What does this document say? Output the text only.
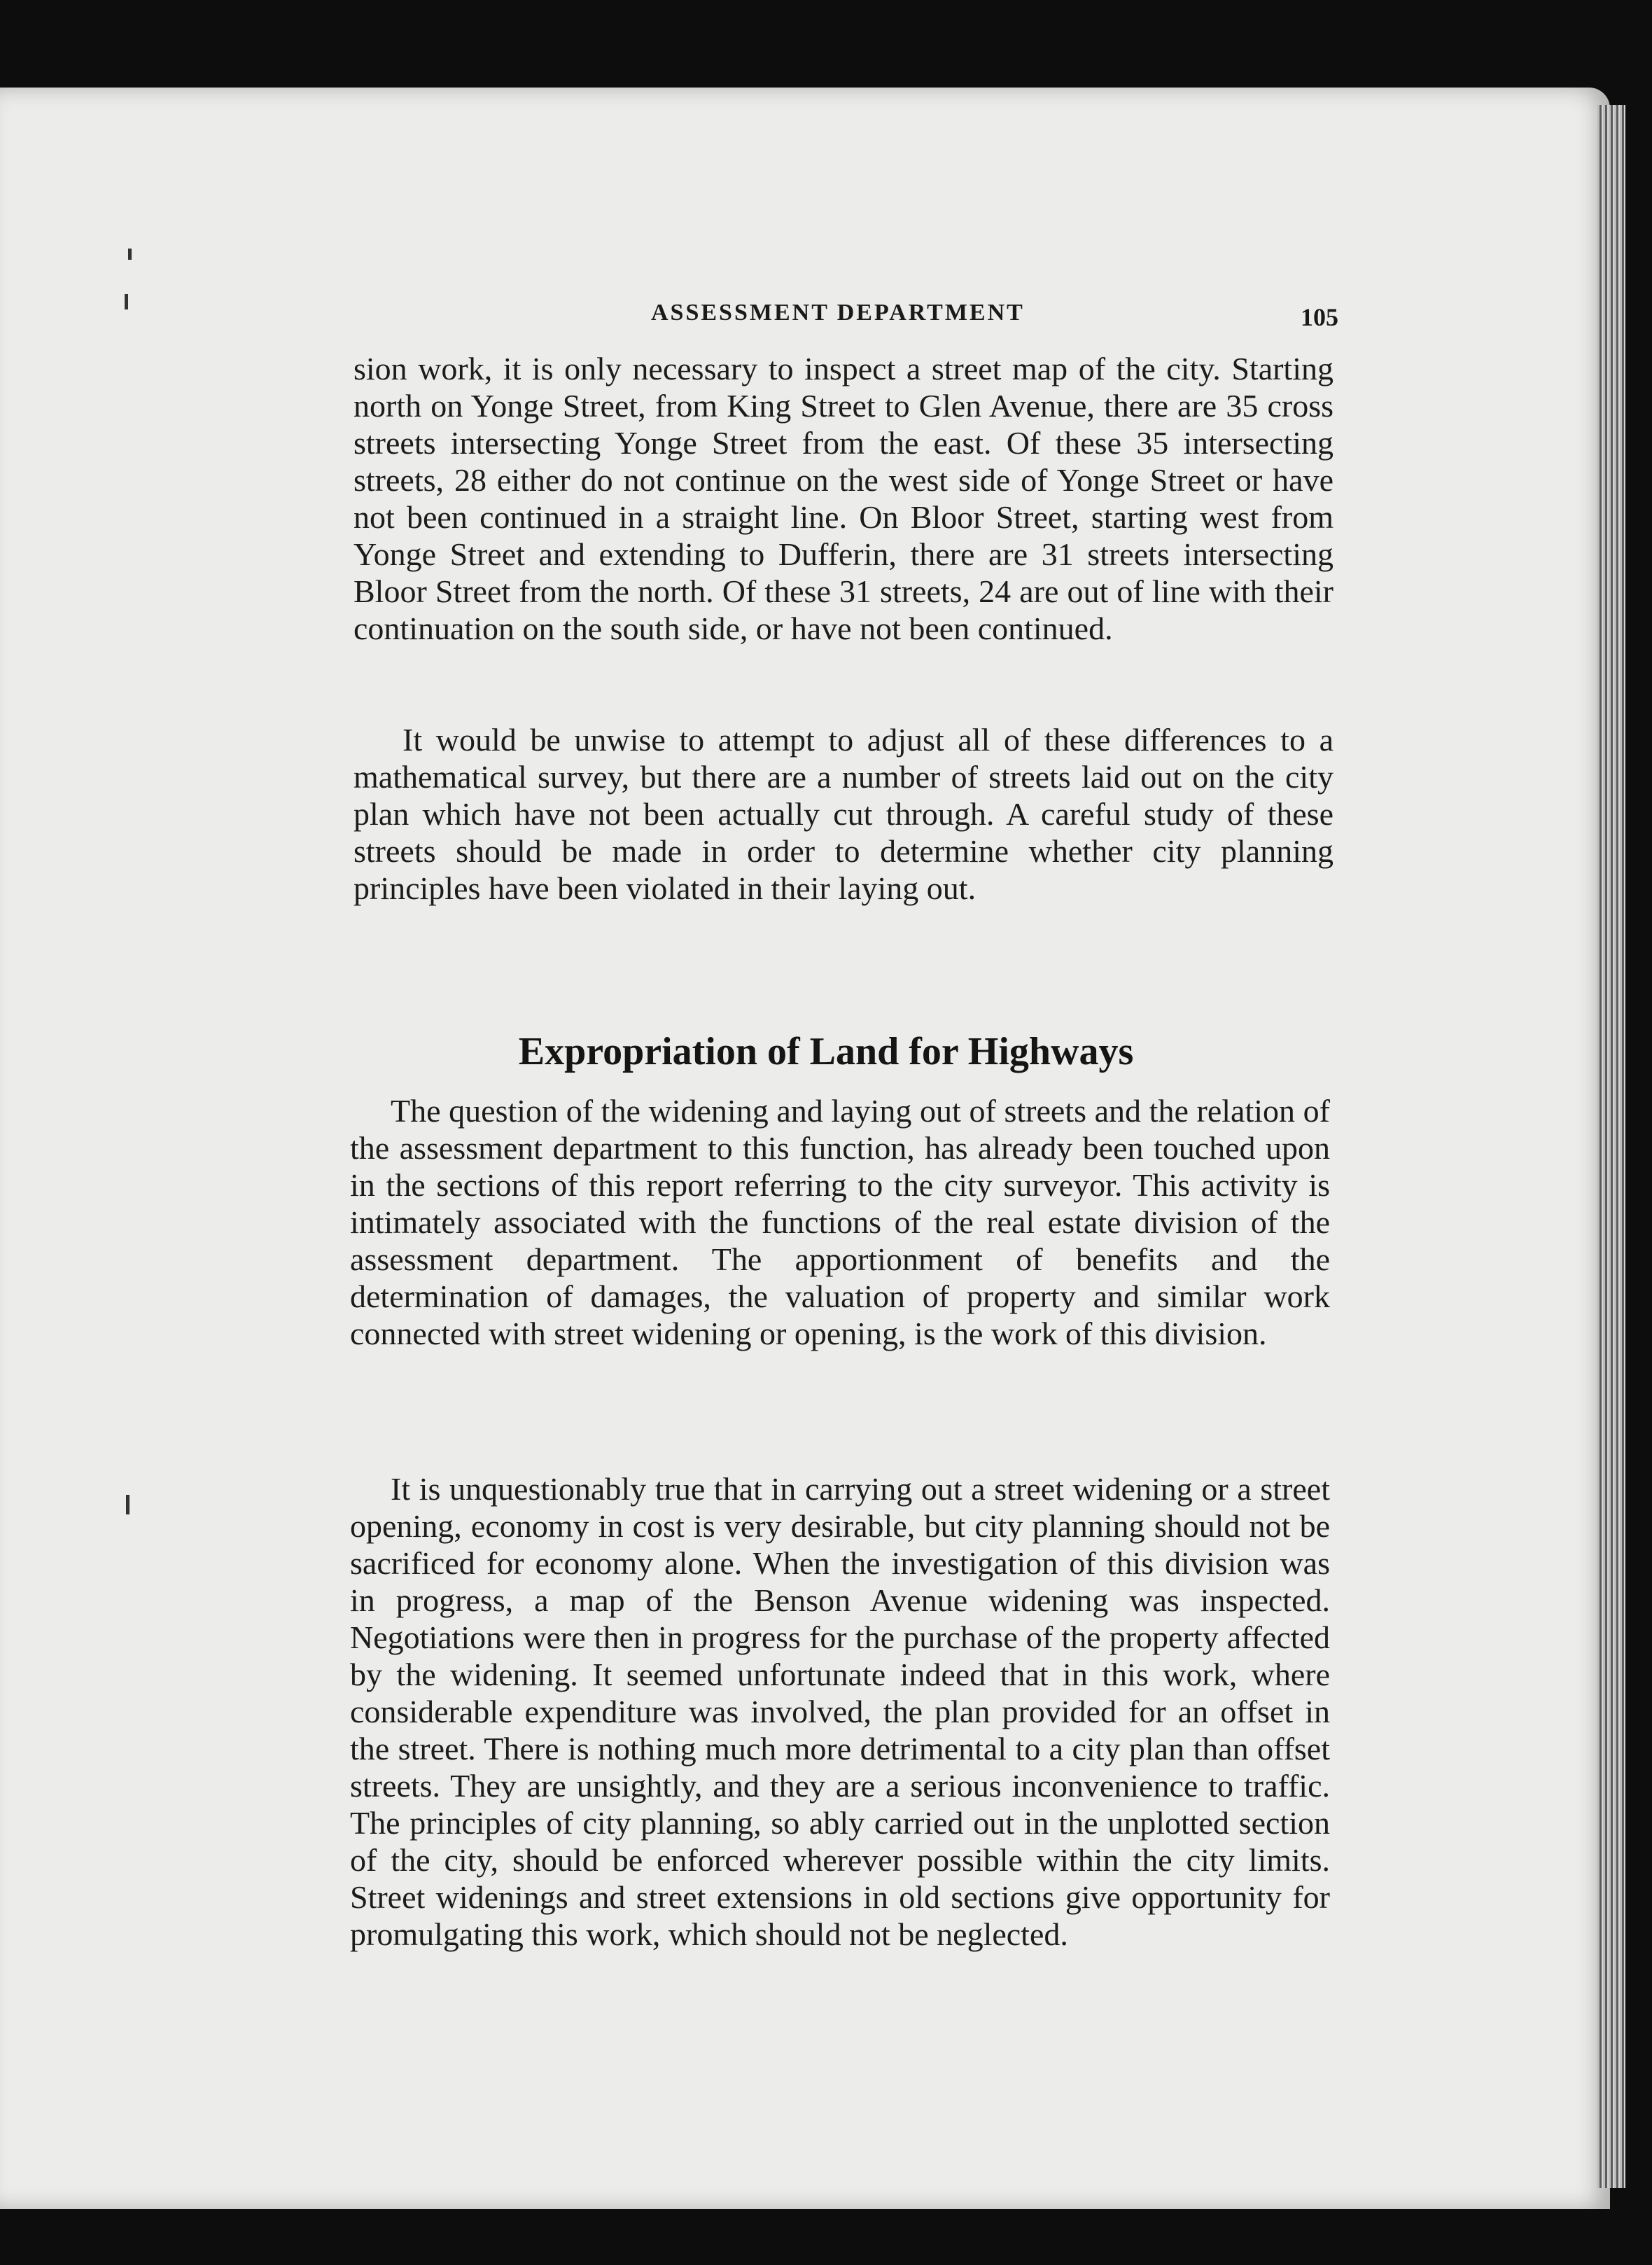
ASSESSMENT DEPARTMENT	105

sion work, it is only necessary to inspect a street map of the city. Starting north on Yonge Street, from King Street to Glen Avenue, there are 35 cross streets intersecting Yonge Street from the east. Of these 35 intersecting streets, 28 either do not continue on the west side of Yonge Street or have not been continued in a straight line. On Bloor Street, starting west from Yonge Street and extending to Dufferin, there are 31 streets intersecting Bloor Street from the north. Of these 31 streets, 24 are out of line with their continuation on the south side, or have not been continued.

It would be unwise to attempt to adjust all of these differences to a mathematical survey, but there are a number of streets laid out on the city plan which have not been actually cut through. A careful study of these streets should be made in order to determine whether city planning principles have been violated in their laying out.

Expropriation of Land for Highways

The question of the widening and laying out of streets and the relation of the assessment department to this function, has already been touched upon in the sections of this report referring to the city surveyor. This activity is intimately associated with the functions of the real estate division of the assessment department. The apportionment of benefits and the determination of damages, the valuation of property and similar work connected with street widening or opening, is the work of this division.

It is unquestionably true that in carrying out a street widening or a street opening, economy in cost is very desirable, but city planning should not be sacrificed for economy alone. When the investigation of this division was in progress, a map of the Benson Avenue widening was inspected. Negotiations were then in progress for the purchase of the property affected by the widening. It seemed unfortunate indeed that in this work, where considerable expenditure was involved, the plan provided for an offset in the street. There is nothing much more detrimental to a city plan than offset streets. They are unsightly, and they are a serious inconvenience to traffic. The principles of city planning, so ably carried out in the unplotted section of the city, should be enforced wherever possible within the city limits. Street widenings and street extensions in old sections give opportunity for promulgating this work, which should not be neglected.
